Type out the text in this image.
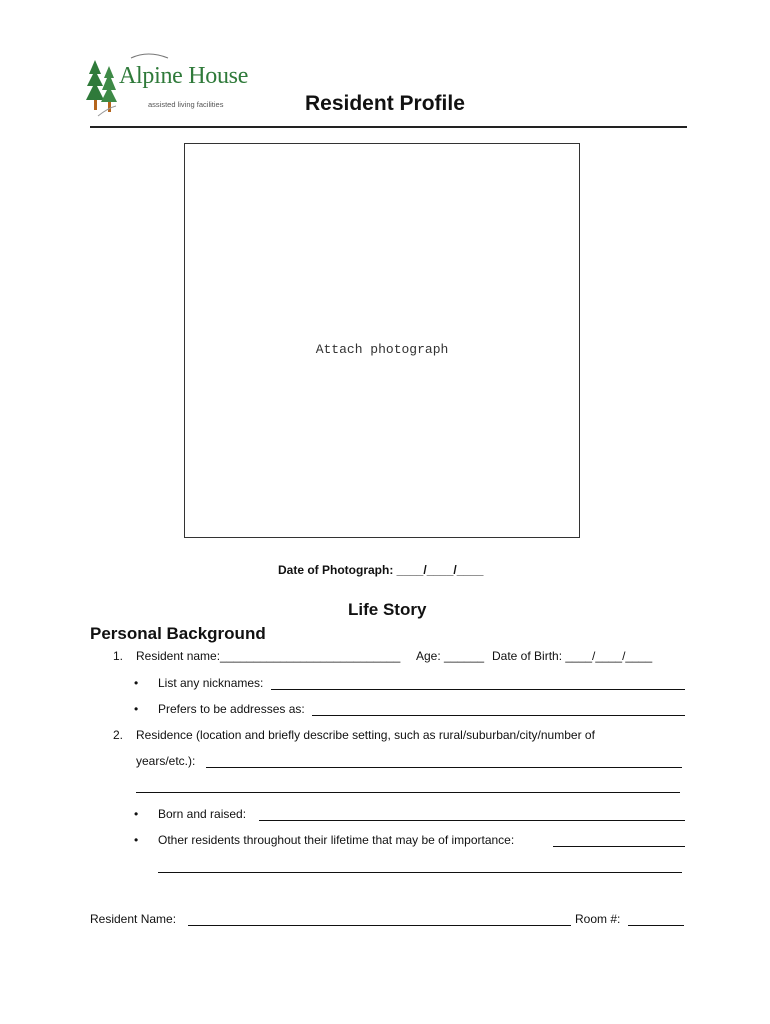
Alpine House
assisted living facilities	Resident Profile
Attach photograph
Date of Photograph: ____/____/____
Life Story
Personal Background
1. Resident name:___________________________ Age: ______ Date of Birth: ____/____/____
• List any nicknames:
• Prefers to be addresses as:
2. Residence (location and briefly describe setting, such as rural/suburban/city/number of
years/etc.):
• Born and raised:
• Other residents throughout their lifetime that may be of importance:
Resident Name:	Room #:
